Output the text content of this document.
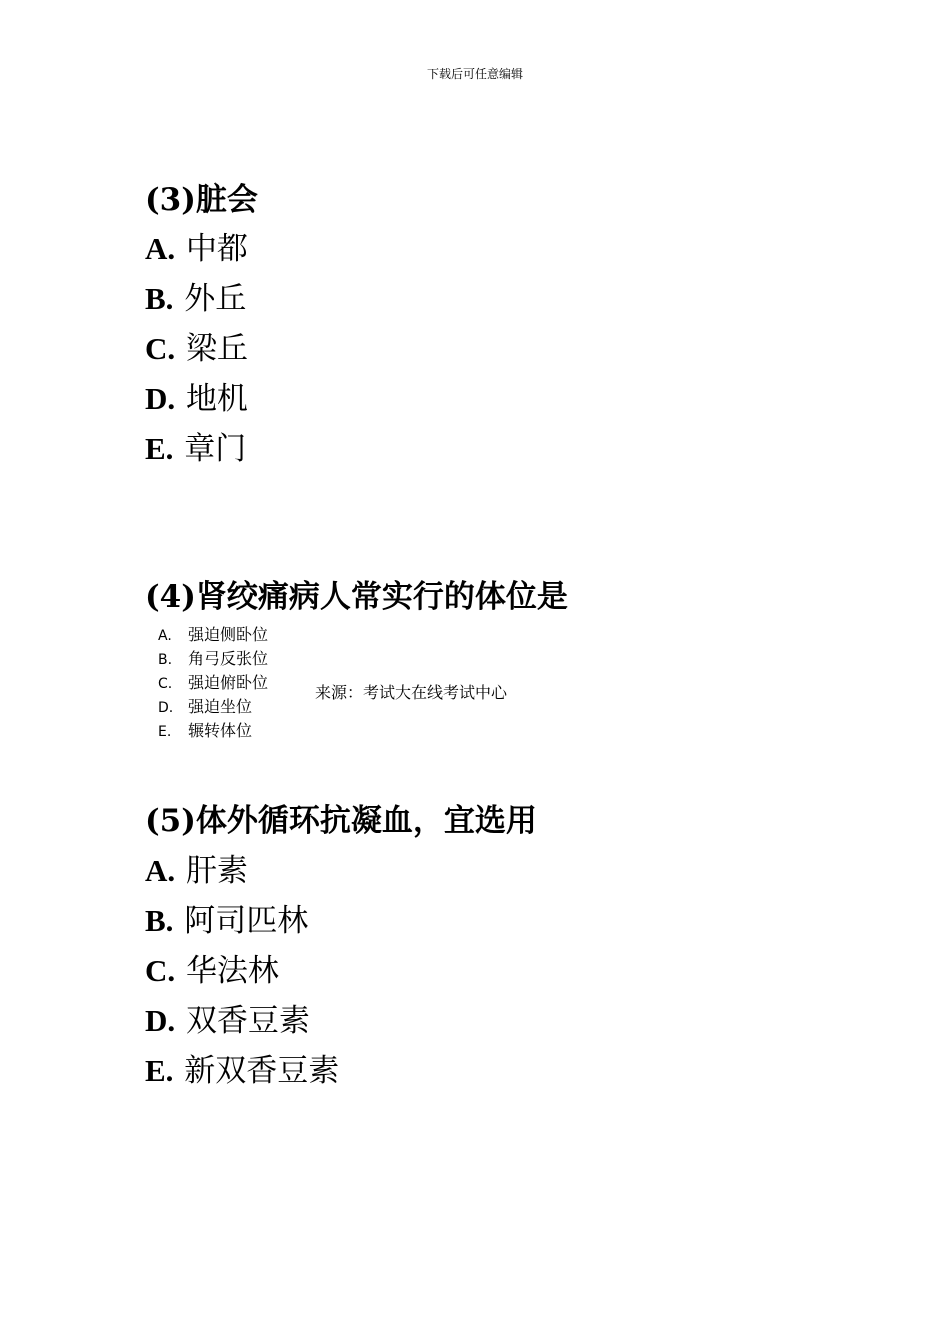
下载后可任意编辑
(3)脏会
A. 中都
B. 外丘
C. 梁丘
D. 地机
E. 章门
(4)肾绞痛病人常实行的体位是
A. 强迫侧卧位
B. 角弓反张位
C. 强迫俯卧位
D. 强迫坐位
E. 辗转体位
来源：考试大在线考试中心
(5)体外循环抗凝血，宜选用
A. 肝素
B. 阿司匹林
C. 华法林
D. 双香豆素
E. 新双香豆素
